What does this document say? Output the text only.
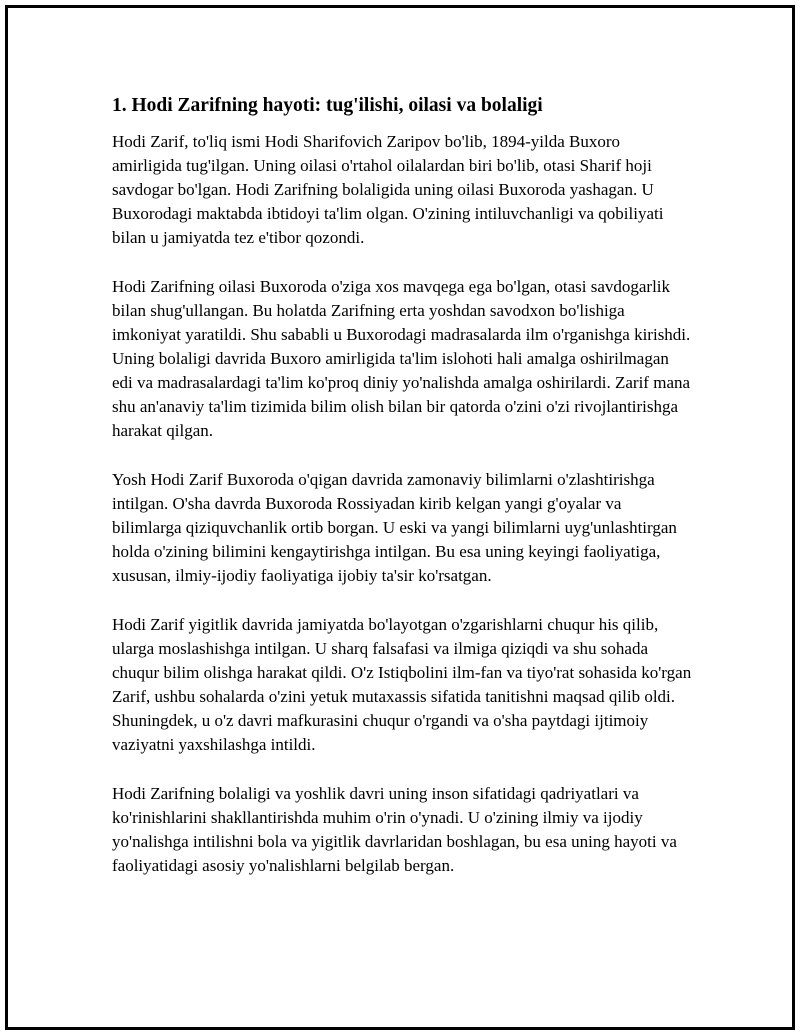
1. Hodi Zarifning hayoti: tug'ilishi, oilasi va bolaligi

Hodi Zarif, to'liq ismi Hodi Sharifovich Zaripov bo'lib, 1894-yilda Buxoro amirligida tug'ilgan. Uning oilasi o'rtahol oilalardan biri bo'lib, otasi Sharif hoji savdogar bo'lgan. Hodi Zarifning bolaligida uning oilasi Buxoroda yashagan. U Buxorodagi maktabda ibtidoyi ta'lim olgan. O'zining intiluvchanligi va qobiliyati bilan u jamiyatda tez e'tibor qozondi.

Hodi Zarifning oilasi Buxoroda o'ziga xos mavqega ega bo'lgan, otasi savdogarlik bilan shug'ullangan. Bu holatda Zarifning erta yoshdan savodxon bo'lishiga imkoniyat yaratildi. Shu sababli u Buxorodagi madrasalarda ilm o'rganishga kirishdi. Uning bolaligi davrida Buxoro amirligida ta'lim islohoti hali amalga oshirilmagan edi va madrasalardagi ta'lim ko'proq diniy yo'nalishda amalga oshirilardi. Zarif mana shu an'anaviy ta'lim tizimida bilim olish bilan bir qatorda o'zini o'zi rivojlantirishga harakat qilgan.

Yosh Hodi Zarif Buxoroda o'qigan davrida zamonaviy bilimlarni o'zlashtirishga intilgan. O'sha davrda Buxoroda Rossiyadan kirib kelgan yangi g'oyalar va bilimlarga qiziquvchanlik ortib borgan. U eski va yangi bilimlarni uyg'unlashtirgan holda o'zining bilimini kengaytirishga intilgan. Bu esa uning keyingi faoliyatiga, xususan, ilmiy-ijodiy faoliyatiga ijobiy ta'sir ko'rsatgan.

Hodi Zarif yigitlik davrida jamiyatda bo'layotgan o'zgarishlarni chuqur his qilib, ularga moslashishga intilgan. U sharq falsafasi va ilmiga qiziqdi va shu sohada chuqur bilim olishga harakat qildi. O'z Istiqbolini ilm-fan va tiyo'rat sohasida ko'rgan Zarif, ushbu sohalarda o'zini yetuk mutaxassis sifatida tanitishni maqsad qilib oldi. Shuningdek, u o'z davri mafkurasini chuqur o'rgandi va o'sha paytdagi ijtimoiy vaziyatni yaxshilashga intildi.

Hodi Zarifning bolaligi va yoshlik davri uning inson sifatidagi qadriyatlari va ko'rinishlarini shakllantirishda muhim o'rin o'ynadi. U o'zining ilmiy va ijodiy yo'nalishga intilishni bola va yigitlik davrlaridan boshlagan, bu esa uning hayoti va faoliyatidagi asosiy yo'nalishlarni belgilab bergan.
